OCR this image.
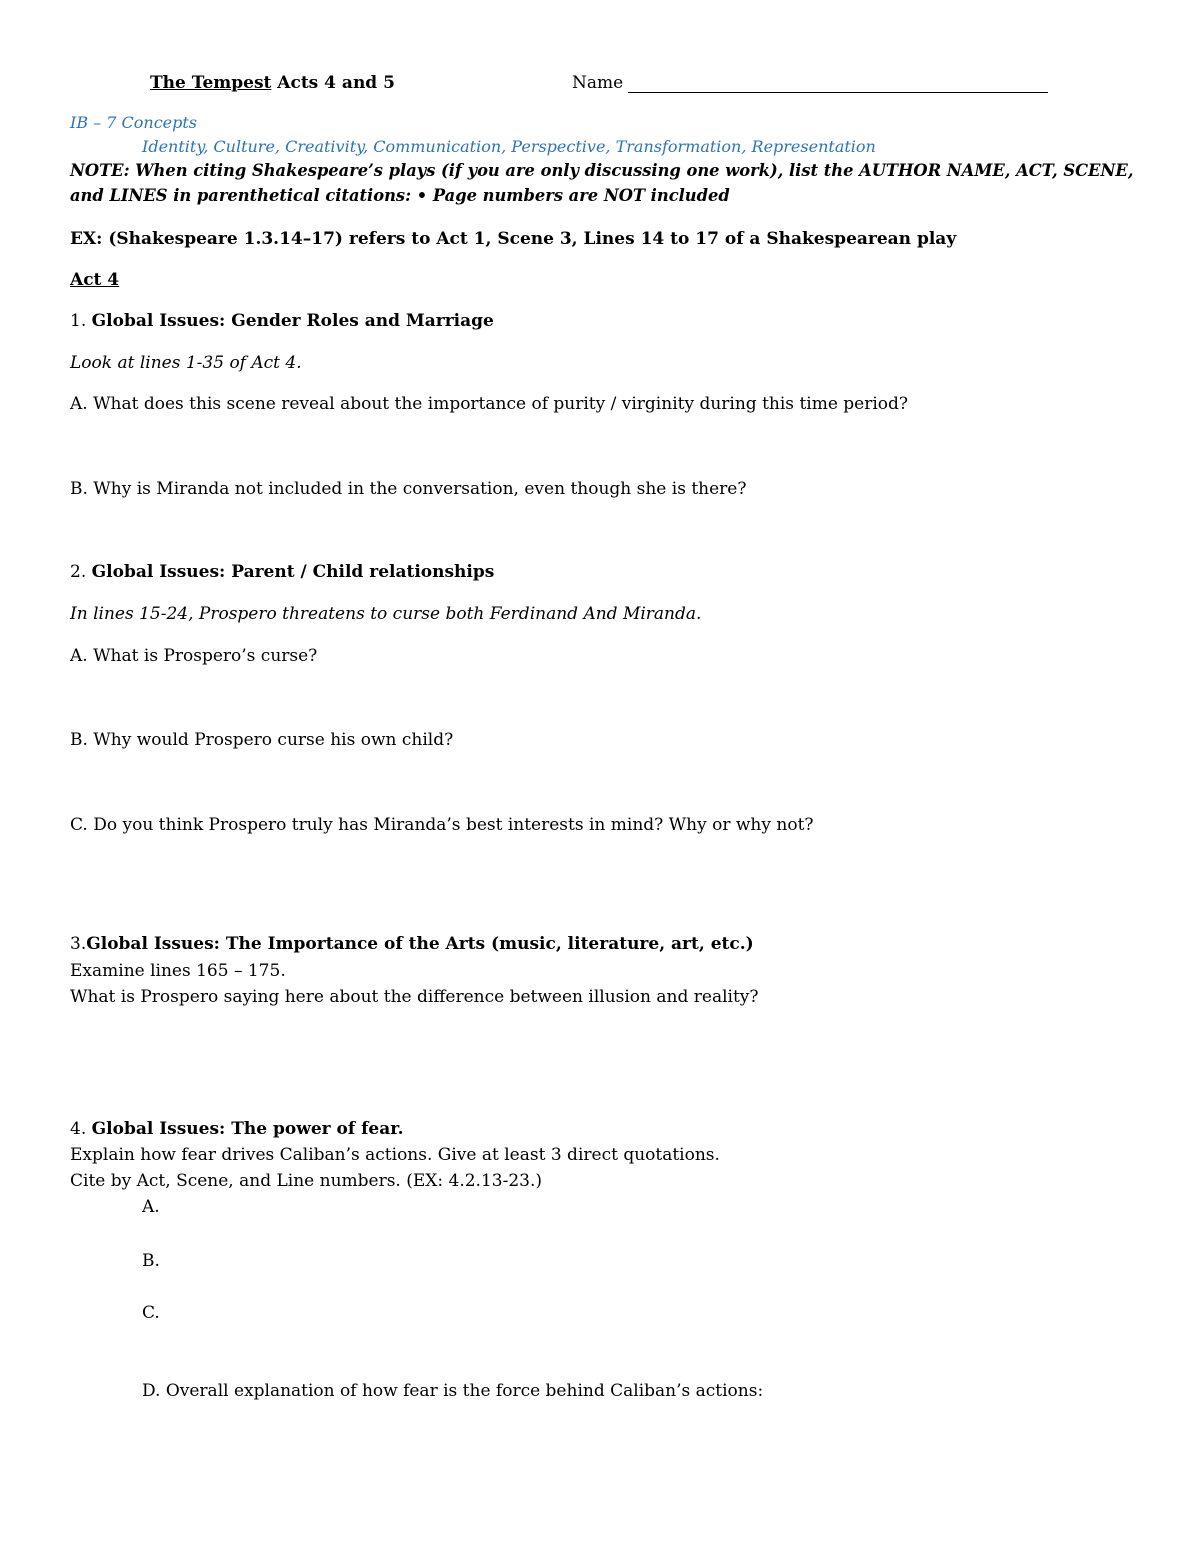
The Tempest Acts 4 and 5	Name
IB – 7 Concepts
Identity, Culture, Creativity, Communication, Perspective, Transformation, Representation
NOTE: When citing Shakespeare’s plays (if you are only discussing one work), list the AUTHOR NAME, ACT, SCENE,
and LINES in parenthetical citations: • Page numbers are NOT included
EX: (Shakespeare 1.3.14–17) refers to Act 1, Scene 3, Lines 14 to 17 of a Shakespearean play
Act 4
1. Global Issues: Gender Roles and Marriage
Look at lines 1-35 of Act 4.
A. What does this scene reveal about the importance of purity / virginity during this time period?
B. Why is Miranda not included in the conversation, even though she is there?
2. Global Issues: Parent / Child relationships
In lines 15-24, Prospero threatens to curse both Ferdinand And Miranda.
A. What is Prospero’s curse?
B. Why would Prospero curse his own child?
C. Do you think Prospero truly has Miranda’s best interests in mind? Why or why not?
3.Global Issues: The Importance of the Arts (music, literature, art, etc.)
Examine lines 165 – 175.
What is Prospero saying here about the difference between illusion and reality?
4. Global Issues: The power of fear.
Explain how fear drives Caliban’s actions. Give at least 3 direct quotations.
Cite by Act, Scene, and Line numbers. (EX: 4.2.13-23.)
A.
B.
C.
D. Overall explanation of how fear is the force behind Caliban’s actions:
